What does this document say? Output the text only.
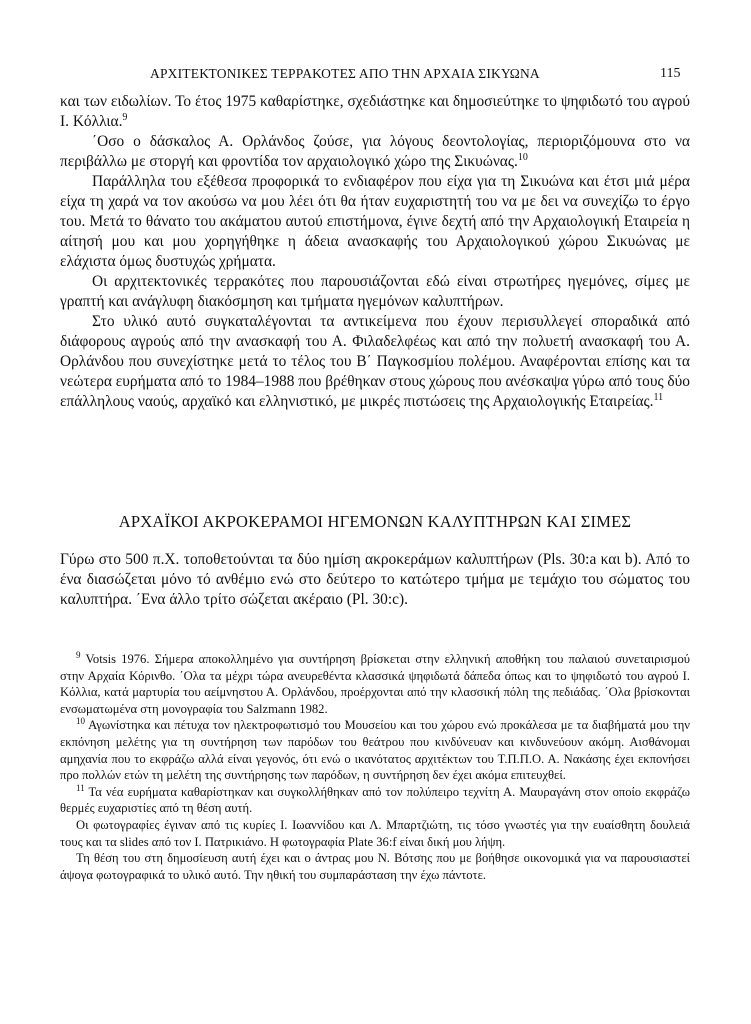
ΑΡΧΙΤΕΚΤΟΝΙΚΕΣ ΤΕΡΡΑΚΟΤΕΣ ΑΠΟ ΤΗΝ ΑΡΧΑΙΑ ΣΙΚΥΩΝΑ	115

και των ειδωλίων. Το έτος 1975 καθαρίστηκε, σχεδιάστηκε και δημοσιεύτηκε το ψηφιδωτό του αγρού Ι. Κόλλια.$^9$

΄Οσο ο δάσκαλος Α. Ορλάνδος ζούσε, για λόγους δεοντολογίας, περιοριζόμουνα στο να περιβάλλω με στοργή και φροντίδα τον αρχαιολογικό χώρο της Σικυώνας.$^{10}$

Παράλληλα του εξέθεσα προφορικά το ενδιαφέρον που είχα για τη Σικυώνα και έτσι μιά μέρα είχα τη χαρά να τον ακούσω να μου λέει ότι θα ήταν ευχαριστητή του να με δει να συνεχίζω το έργο του. Μετά το θάνατο του ακάματου αυτού επιστήμονα, έγινε δεχτή από την Αρχαιολογική Εταιρεία η αίτησή μου και μου χορηγήθηκε η άδεια ανασκαφής του Αρχαιολογικού χώρου Σικυώνας με ελάχιστα όμως δυστυχώς χρήματα.

Οι αρχιτεκτονικές τερρακότες που παρουσιάζονται εδώ είναι στρωτήρες ηγεμόνες, σίμες με γραπτή και ανάγλυφη διακόσμηση και τμήματα ηγεμόνων καλυπτήρων.

Στο υλικό αυτό συγκαταλέγονται τα αντικείμενα που έχουν περισυλλεγεί σποραδικά από διάφορους αγρούς από την ανασκαφή του Α. Φιλαδελφέως και από την πολυετή ανασκαφή του Α. Ορλάνδου που συνεχίστηκε μετά το τέλος του Β΄ Παγκοσμίου πολέμου. Αναφέρονται επίσης και τα νεώτερα ευρήματα από το 1984–1988 που βρέθηκαν στους χώρους που ανέσκαψα γύρω από τους δύο επάλληλους ναούς, αρχαϊκό και ελληνιστικό, με μικρές πιστώσεις της Αρχαιολογικής Εταιρείας.$^{11}$

ΑΡΧΑΪΚΟΙ ΑΚΡΟΚΕΡΑΜΟΙ ΗΓΕΜΟΝΩΝ ΚΑΛΥΠΤΗΡΩΝ ΚΑΙ ΣΙΜΕΣ

Γύρω στο 500 π.Χ. τοποθετούνται τα δύο ημίση ακροκεράμων καλυπτήρων (Pls. 30:a και b). Από το ένα διασώζεται μόνο τό ανθέμιο ενώ στο δεύτερο το κατώτερο τμήμα με τεμάχιο του σώματος του καλυπτήρα. ΄Ενα άλλο τρίτο σώζεται ακέραιο (Pl. 30:c).

$^9$ Votsis 1976. Σήμερα αποκολλημένο για συντήρηση βρίσκεται στην ελληνική αποθήκη του παλαιού συνεταιρισμού στην Αρχαία Κόρινθο. ΄Ολα τα μέχρι τώρα ανευρεθέντα κλασσικά ψηφιδωτά δάπεδα όπως και το ψηφιδωτό του αγρού Ι. Κόλλια, κατά μαρτυρία του αείμνηστου Α. Ορλάνδου, προέρχονται από την κλασσική πόλη της πεδιάδας. ΄Ολα βρίσκονται ενσωματωμένα στη μονογραφία του Salzmann 1982.

$^{10}$ Αγωνίστηκα και πέτυχα τον ηλεκτροφωτισμό του Μουσείου και του χώρου ενώ προκάλεσα με τα διαβήματά μου την εκπόνηση μελέτης για τη συντήρηση των παρόδων του θεάτρου που κινδύνευαν και κινδυνεύουν ακόμη. Αισθάνομαι αμηχανία που το εκφράζω αλλά είναι γεγονός, ότι ενώ ο ικανότατος αρχιτέκτων του Τ.Π.Π.Ο. Α. Νακάσης έχει εκπονήσει προ πολλών ετών τη μελέτη της συντήρησης των παρόδων, η συντήρηση δεν έχει ακόμα επιτευχθεί.

$^{11}$ Τα νέα ευρήματα καθαρίστηκαν και συγκολλήθηκαν από τον πολύπειρο τεχνίτη Α. Μαυραγάνη στον οποίο εκφράζω θερμές ευχαριστίες από τη θέση αυτή.

Οι φωτογραφίες έγιναν από τις κυρίες Ι. Ιωαννίδου και Λ. Μπαρτζιώτη, τις τόσο γνωστές για την ευαίσθητη δουλειά τους και τα slides από τον Ι. Πατρικιάνο. Η φωτογραφία Plate 36:f είναι δική μου λήψη.

Τη θέση του στη δημοσίευση αυτή έχει και ο άντρας μου Ν. Βότσης που με βοήθησε οικονομικά για να παρουσιαστεί άψογα φωτογραφικά το υλικό αυτό. Την ηθική του συμπαράσταση την έχω πάντοτε.
